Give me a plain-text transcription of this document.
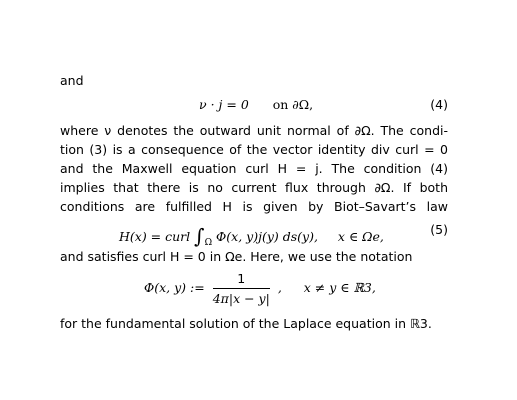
and
ν · j = 0 on ∂Ω,	(4)
where ν denotes the outward unit normal of ∂Ω. The condi-
tion (3) is a consequence of the vector identity div curl = 0
and the Maxwell equation curl H = j. The condition (4)
implies that there is no current flux through ∂Ω. If both
conditions are fulfilled H is given by Biot–Savart’s law
H(x) = curl $\int_\Omega$ Φ(x, y)j(y) ds(y), x ∈ Ωe,	(5)
and satisfies curl H = 0 in Ωe. Here, we use the notation
Φ(x, y) := $\frac{1}{4\pi|x - y|}$ , x ≠ y ∈ ℝ3,
for the fundamental solution of the Laplace equation in ℝ3.
